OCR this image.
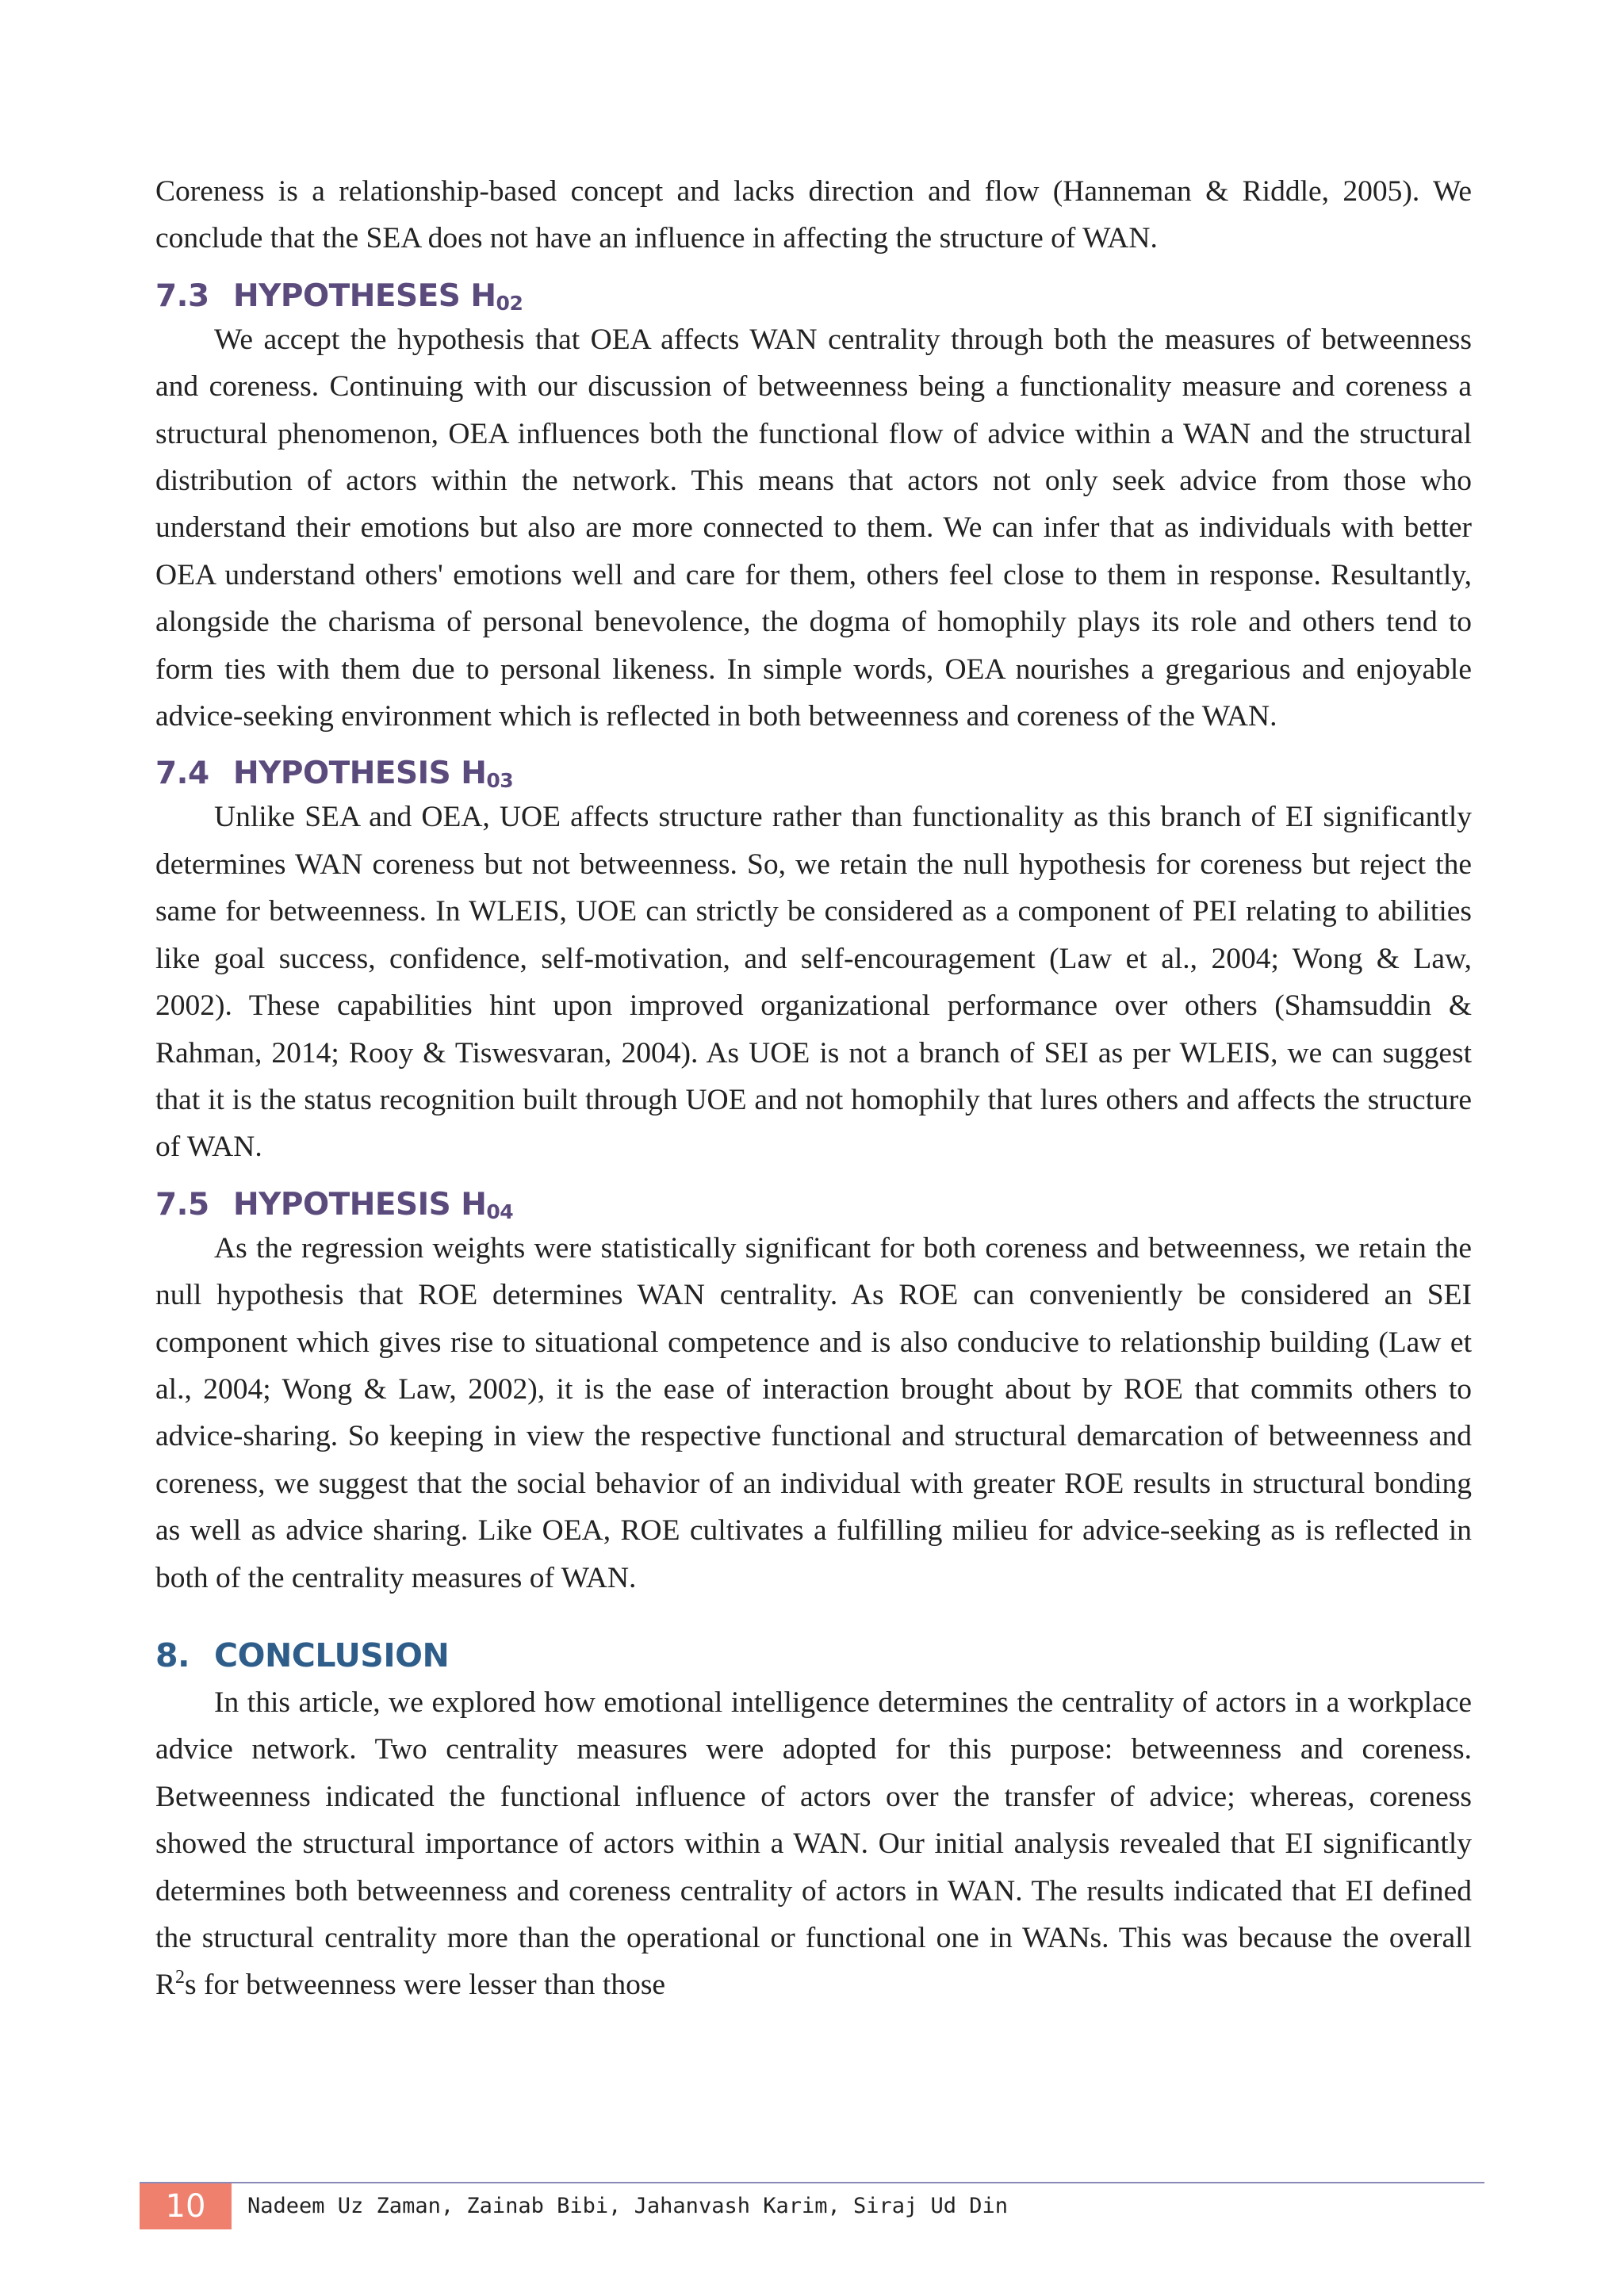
Coreness is a relationship-based concept and lacks direction and flow (Hanneman & Riddle, 2005). We conclude that the SEA does not have an influence in affecting the structure of WAN.

7.3 HYPOTHESES $H_{02}$

We accept the hypothesis that OEA affects WAN centrality through both the measures of betweenness and coreness. Continuing with our discussion of betweenness being a functionality measure and coreness a structural phenomenon, OEA influences both the functional flow of advice within a WAN and the structural distribution of actors within the network. This means that actors not only seek advice from those who understand their emotions but also are more connected to them. We can infer that as individuals with better OEA understand others' emotions well and care for them, others feel close to them in response. Resultantly, alongside the charisma of personal benevolence, the dogma of homophily plays its role and others tend to form ties with them due to personal likeness. In simple words, OEA nourishes a gregarious and enjoyable advice-seeking environment which is reflected in both betweenness and coreness of the WAN.

7.4 HYPOTHESIS $H_{03}$

Unlike SEA and OEA, UOE affects structure rather than functionality as this branch of EI significantly determines WAN coreness but not betweenness. So, we retain the null hypothesis for coreness but reject the same for betweenness. In WLEIS, UOE can strictly be considered as a component of PEI relating to abilities like goal success, confidence, self-motivation, and self-encouragement (Law et al., 2004; Wong & Law, 2002). These capabilities hint upon improved organizational performance over others (Shamsuddin & Rahman, 2014; Rooy & Tiswesvaran, 2004). As UOE is not a branch of SEI as per WLEIS, we can suggest that it is the status recognition built through UOE and not homophily that lures others and affects the structure of WAN.

7.5 HYPOTHESIS $H_{04}$

As the regression weights were statistically significant for both coreness and betweenness, we retain the null hypothesis that ROE determines WAN centrality. As ROE can conveniently be considered an SEI component which gives rise to situational competence and is also conducive to relationship building (Law et al., 2004; Wong & Law, 2002), it is the ease of interaction brought about by ROE that commits others to advice-sharing. So keeping in view the respective functional and structural demarcation of betweenness and coreness, we suggest that the social behavior of an individual with greater ROE results in structural bonding as well as advice sharing. Like OEA, ROE cultivates a fulfilling milieu for advice-seeking as is reflected in both of the centrality measures of WAN.

8. CONCLUSION

In this article, we explored how emotional intelligence determines the centrality of actors in a workplace advice network. Two centrality measures were adopted for this purpose: betweenness and coreness. Betweenness indicated the functional influence of actors over the transfer of advice; whereas, coreness showed the structural importance of actors within a WAN. Our initial analysis revealed that EI significantly determines both betweenness and coreness centrality of actors in WAN. The results indicated that EI defined the structural centrality more than the operational or functional one in WANs. This was because the overall $R^2s$ for betweenness were lesser than those

10	Nadeem Uz Zaman, Zainab Bibi, Jahanvash Karim, Siraj Ud Din
